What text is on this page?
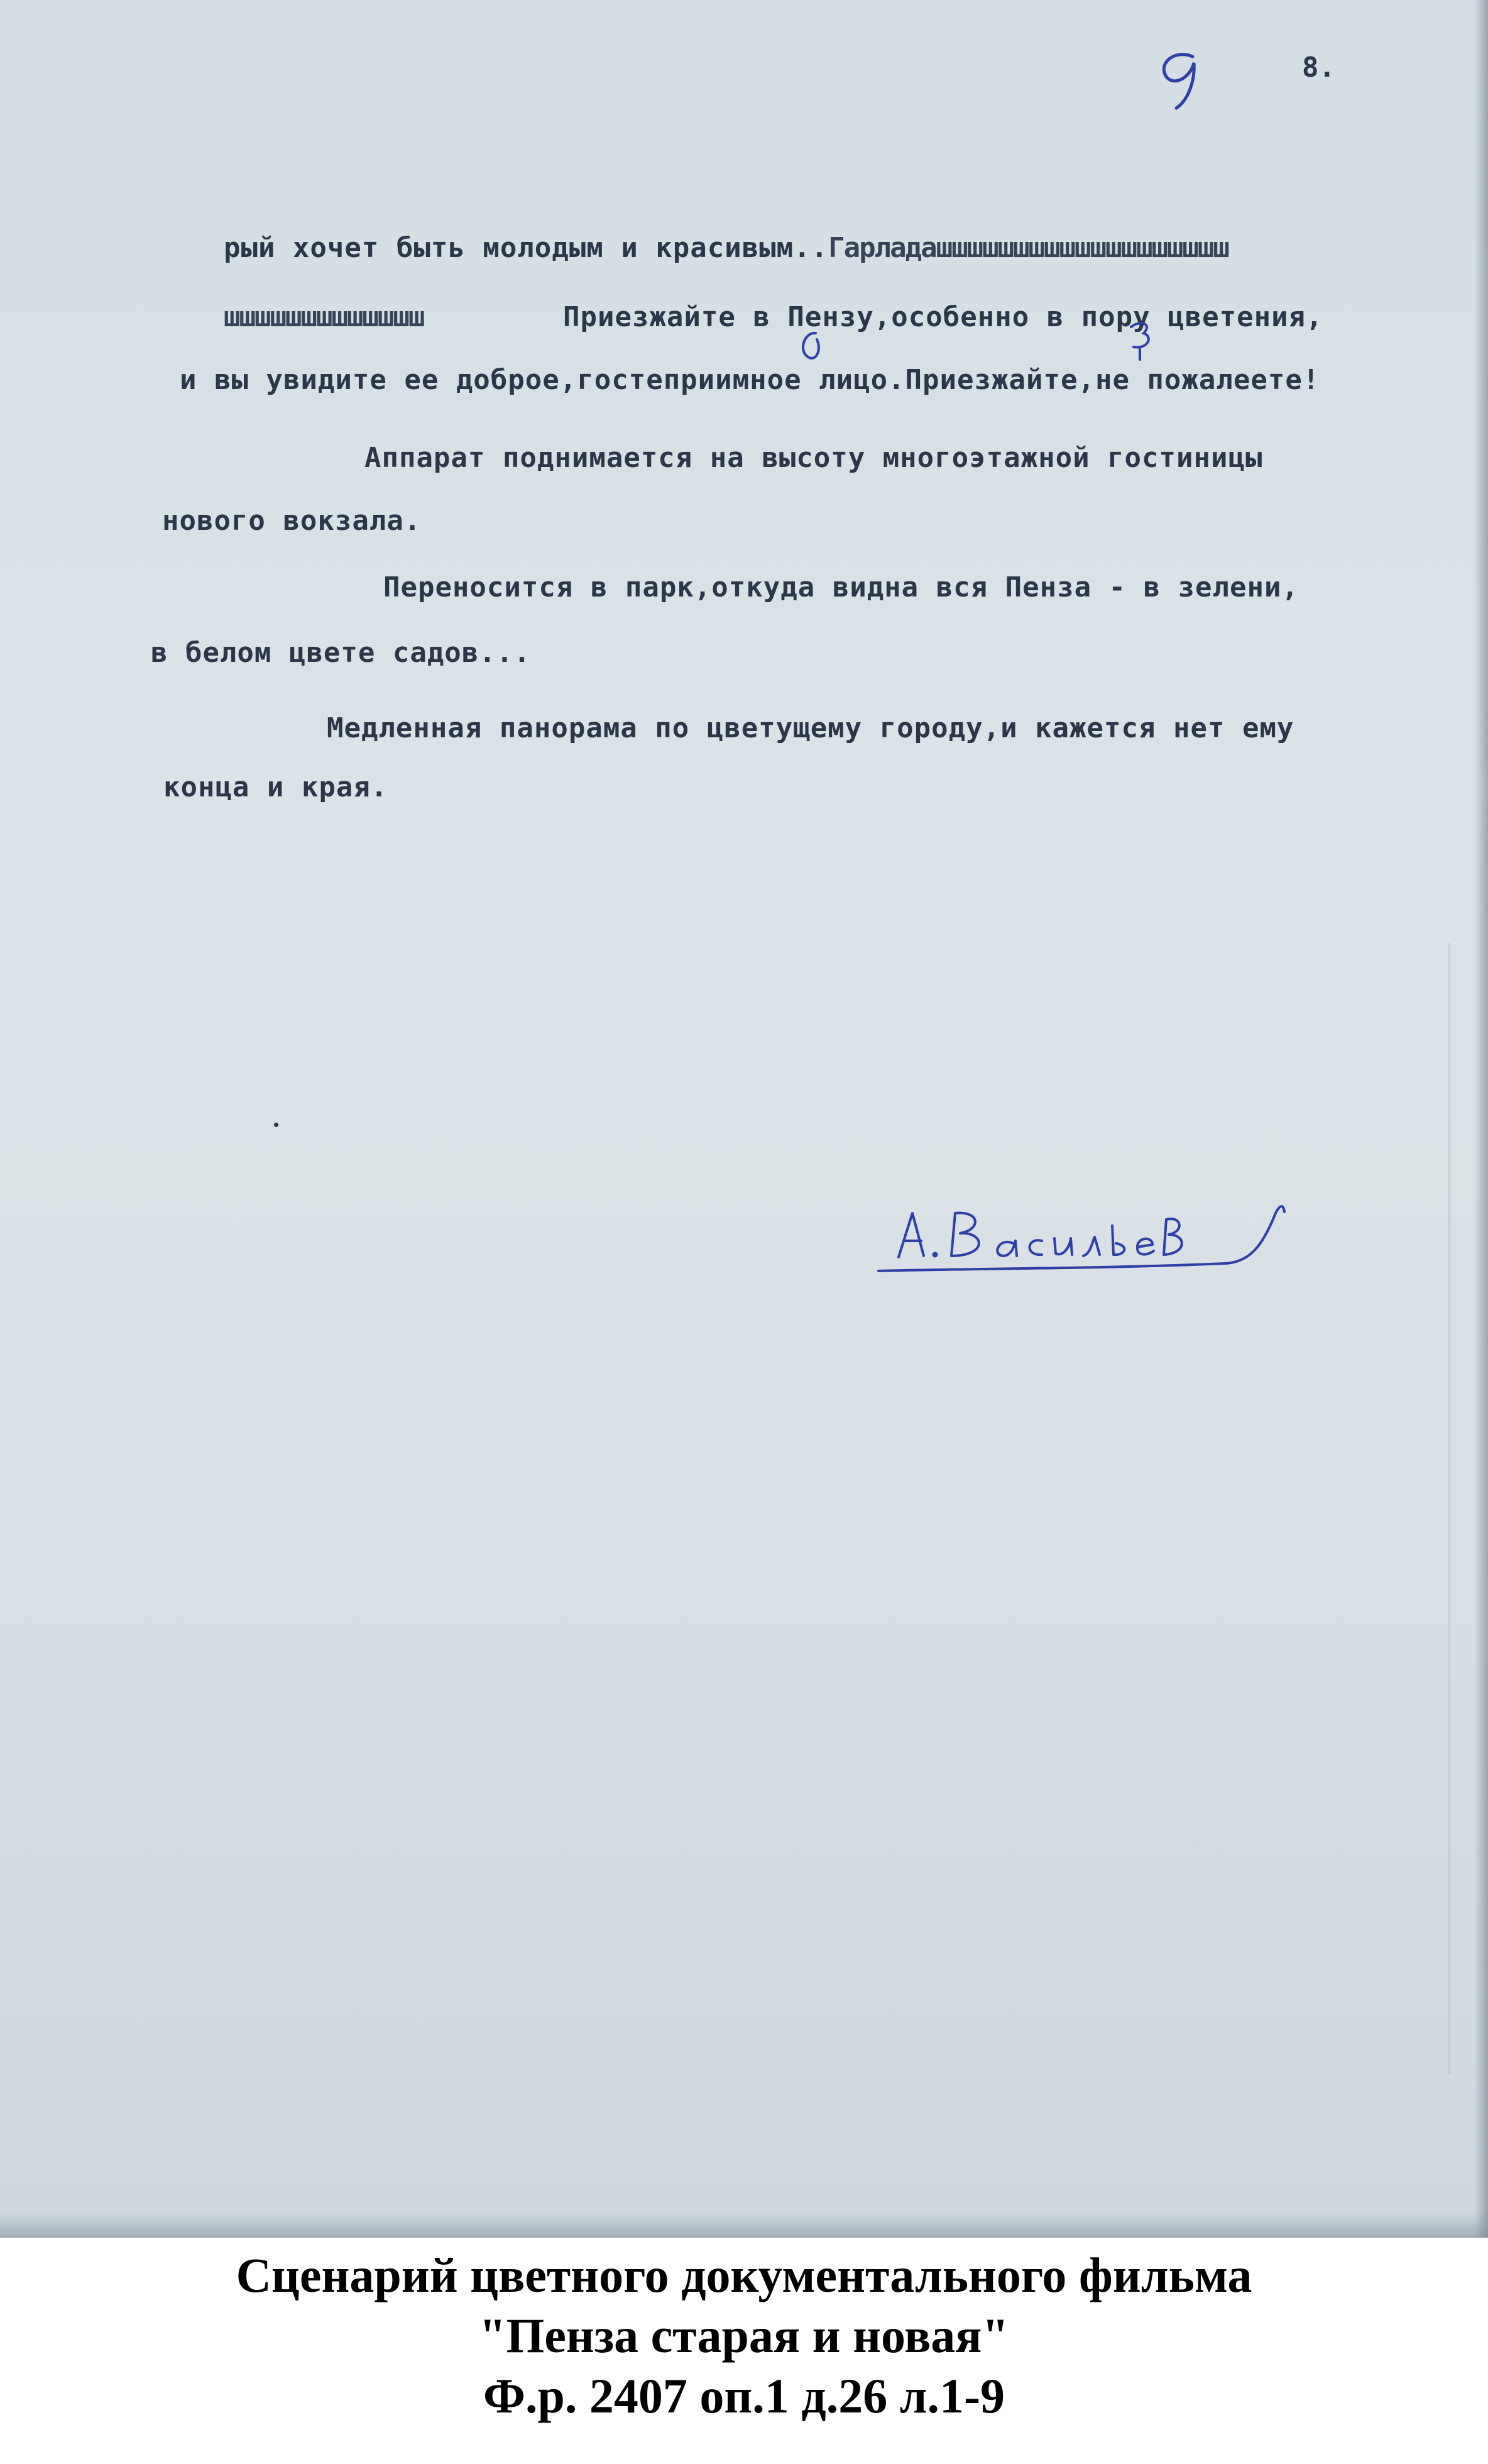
8.

рый хочет быть молодым и красивым..Гарладашшшшшшшшшшшшшшшшшшш

шшшшшшшшшшшшш
	Приезжайте в Пензу,особенно в пору цветения,

и вы увидите ее доброе,гостеприимное лицо.Приезжайте,не пожалеете!

Аппарат поднимается на высоту многоэтажной гостиницы

нового вокзала.

Переносится в парк,откуда видна вся Пенза - в зелени,

в белом цвете садов...

Медленная панорама по цветущему городу,и кажется нет ему

конца и края.

Сценарий цветного документального фильма
"Пенза старая и новая"
Ф.р. 2407 оп.1 д.26 л.1-9
